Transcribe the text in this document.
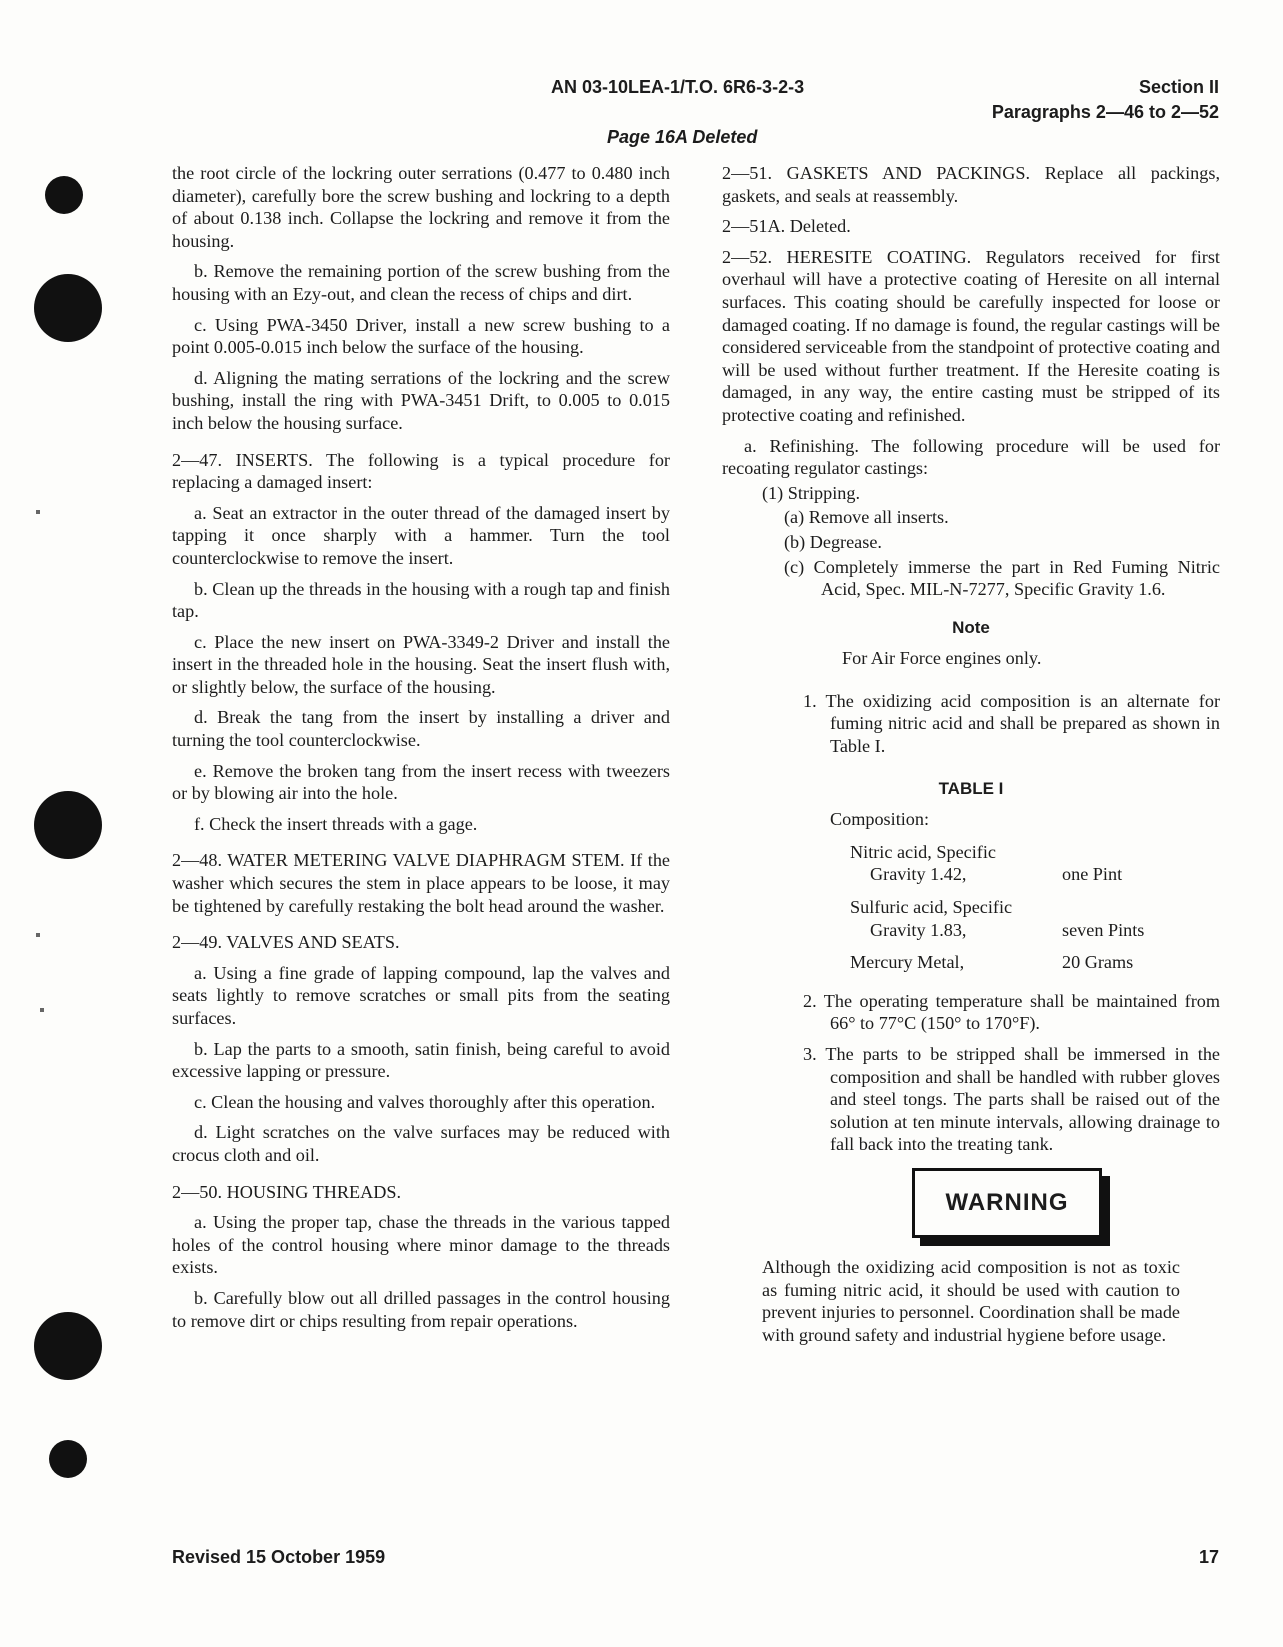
AN 03-10LEA-1/T.O. 6R6-3-2-3	Section II
Paragraphs 2—46 to 2—52
Page 16A Deleted

the root circle of the lockring outer serrations (0.477 to 0.480 inch diameter), carefully bore the screw bushing and lockring to a depth of about 0.138 inch. Collapse the lockring and remove it from the housing.

b. Remove the remaining portion of the screw bushing from the housing with an Ezy-out, and clean the recess of chips and dirt.

c. Using PWA-3450 Driver, install a new screw bushing to a point 0.005-0.015 inch below the surface of the housing.

d. Aligning the mating serrations of the lockring and the screw bushing, install the ring with PWA-3451 Drift, to 0.005 to 0.015 inch below the housing surface.

2—47. INSERTS. The following is a typical procedure for replacing a damaged insert:

a. Seat an extractor in the outer thread of the damaged insert by tapping it once sharply with a hammer. Turn the tool counterclockwise to remove the insert.

b. Clean up the threads in the housing with a rough tap and finish tap.

c. Place the new insert on PWA-3349-2 Driver and install the insert in the threaded hole in the housing. Seat the insert flush with, or slightly below, the surface of the housing.

d. Break the tang from the insert by installing a driver and turning the tool counterclockwise.

e. Remove the broken tang from the insert recess with tweezers or by blowing air into the hole.

f. Check the insert threads with a gage.

2—48. WATER METERING VALVE DIAPHRAGM STEM. If the washer which secures the stem in place appears to be loose, it may be tightened by carefully restaking the bolt head around the washer.

2—49. VALVES AND SEATS.

a. Using a fine grade of lapping compound, lap the valves and seats lightly to remove scratches or small pits from the seating surfaces.

b. Lap the parts to a smooth, satin finish, being careful to avoid excessive lapping or pressure.

c. Clean the housing and valves thoroughly after this operation.

d. Light scratches on the valve surfaces may be reduced with crocus cloth and oil.

2—50. HOUSING THREADS.

a. Using the proper tap, chase the threads in the various tapped holes of the control housing where minor damage to the threads exists.

b. Carefully blow out all drilled passages in the control housing to remove dirt or chips resulting from repair operations.

2—51. GASKETS AND PACKINGS. Replace all packings, gaskets, and seals at reassembly.

2—51A. Deleted.

2—52. HERESITE COATING. Regulators received for first overhaul will have a protective coating of Heresite on all internal surfaces. This coating should be carefully inspected for loose or damaged coating. If no damage is found, the regular castings will be considered serviceable from the standpoint of protective coating and will be used without further treatment. If the Heresite coating is damaged, in any way, the entire casting must be stripped of its protective coating and refinished.

a. Refinishing. The following procedure will be used for recoating regulator castings:

(1) Stripping.

(a) Remove all inserts.

(b) Degrease.

(c) Completely immerse the part in Red Fuming Nitric Acid, Spec. MIL-N-7277, Specific Gravity 1.6.

Note

For Air Force engines only.

1. The oxidizing acid composition is an alternate for fuming nitric acid and shall be prepared as shown in Table I.

TABLE I

Composition:

Nitric acid, Specific
Gravity 1.42,	one Pint
Sulfuric acid, Specific
Gravity 1.83,	seven Pints
Mercury Metal,	20 Grams

2. The operating temperature shall be maintained from 66° to 77°C (150° to 170°F).

3. The parts to be stripped shall be immersed in the composition and shall be handled with rubber gloves and steel tongs. The parts shall be raised out of the solution at ten minute intervals, allowing drainage to fall back into the treating tank.

WARNING

Although the oxidizing acid composition is not as toxic as fuming nitric acid, it should be used with caution to prevent injuries to personnel. Coordination shall be made with ground safety and industrial hygiene before usage.

Revised 15 October 1959	17
